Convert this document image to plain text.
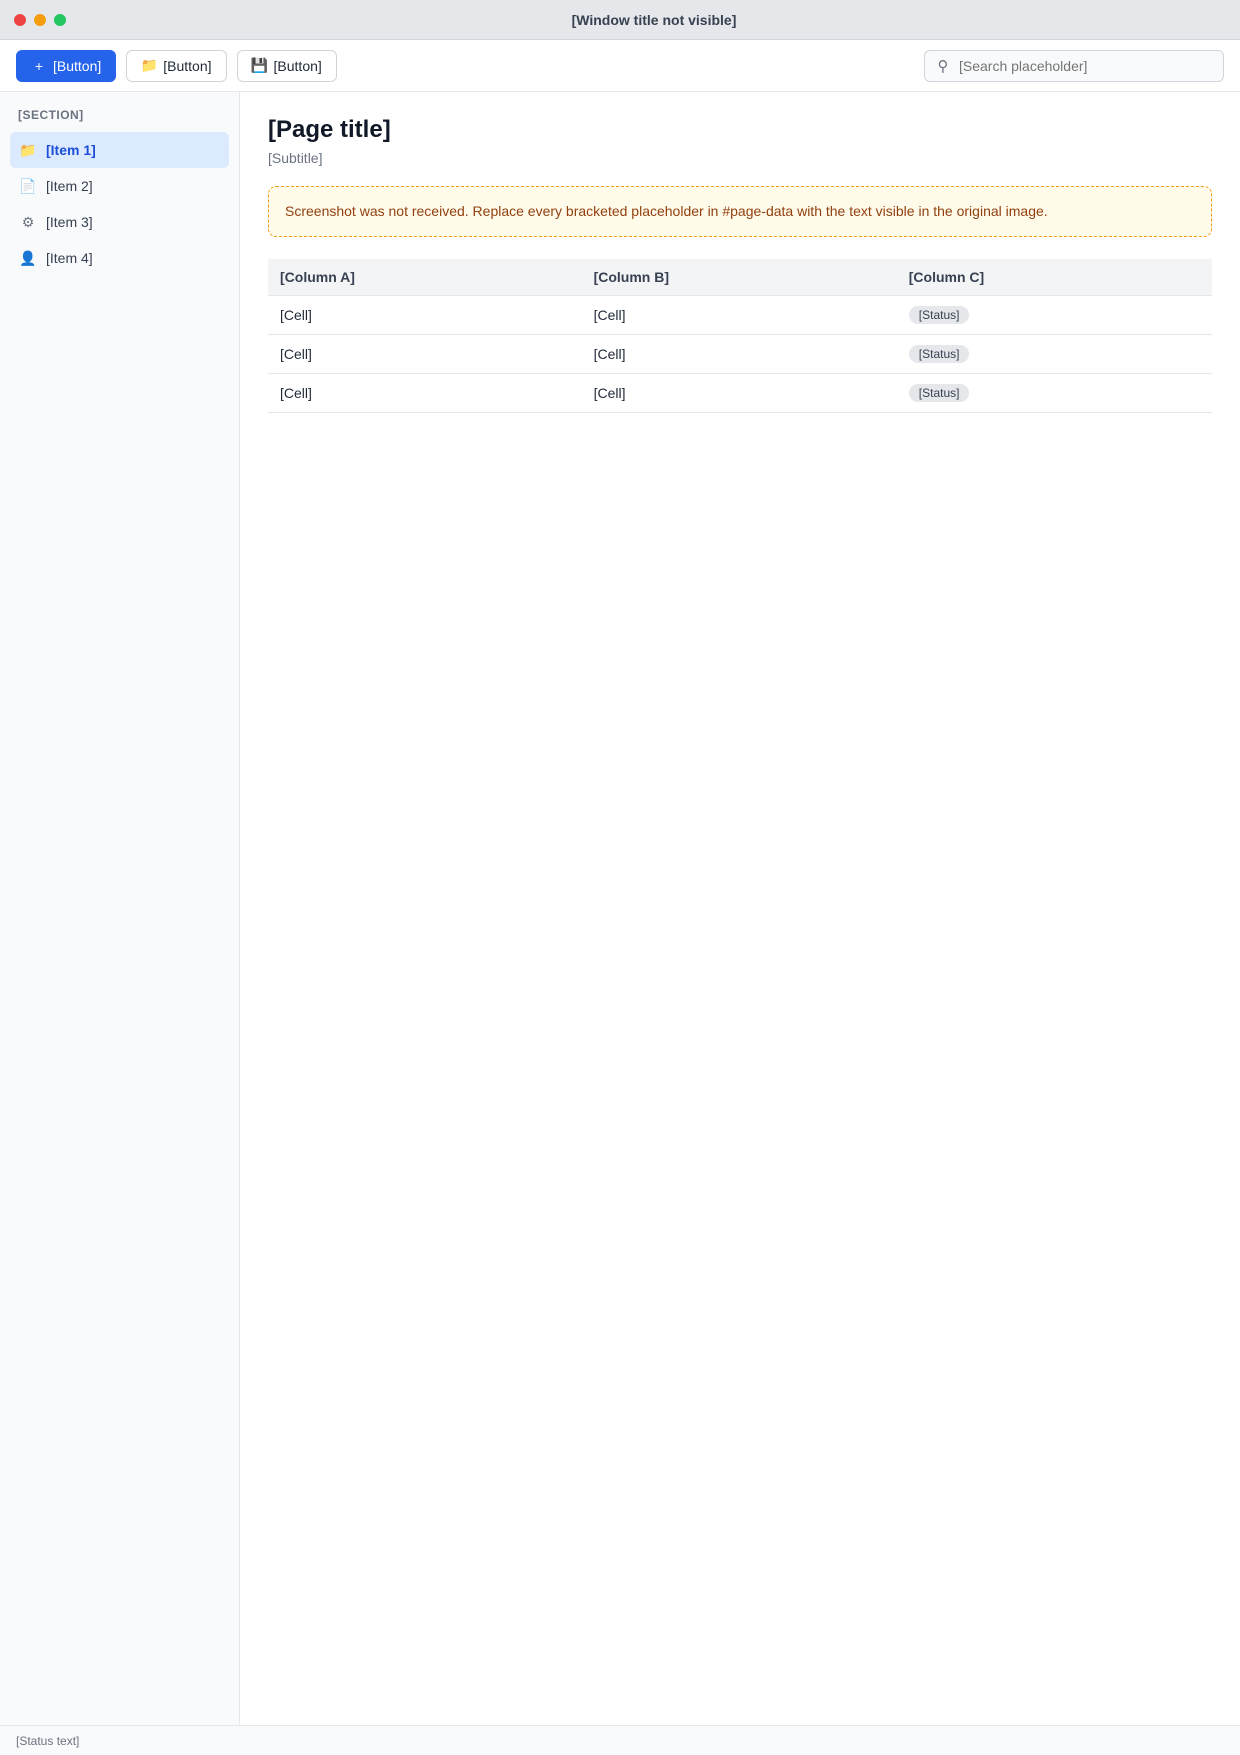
[Window title not visible]
+ [Button]	📁 [Button]	💾 [Button]	⚲
[Search placeholder]
[SECTION]
📁 [Item 1]
📄 [Item 2]
⚙ [Item 3]
👤 [Item 4]
[Page title]

[Subtitle]

Screenshot was not received. Replace every bracketed placeholder in #page-data with the text visible in the original image.
[Column A]	[Column B]	[Column C]
[Cell]	[Cell]	[Status]
[Cell]	[Cell]	[Status]
[Cell]	[Cell]	[Status]
[Status text]
